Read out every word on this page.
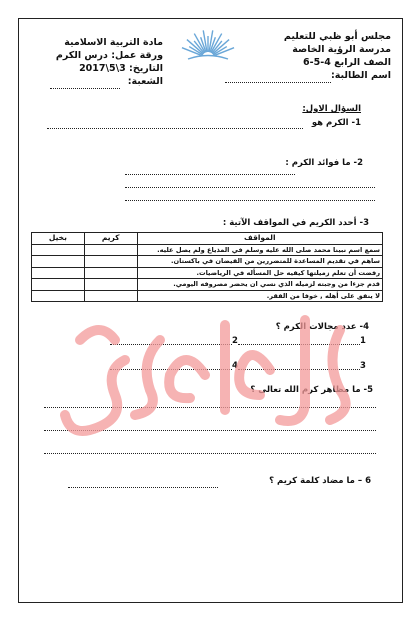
مجلس أبو ظبي للتعليم
مدرسة الرؤية الخاصة
الصف الرابع 4-5-6
اسم الطالبة:
مادة التربية الاسلامية
ورقة عمل: درس الكرم
التاريخ: 3\5\2017
الشعبة:
السؤال الاول:
1- الكرم هو
2- ما فوائد الكرم :
3- أحدد الكريم في المواقف الآتية :
المواقف	كريم	بخيل
سمع اسم نبينا محمد صلى الله عليه وسلم في المذياع ولم يصل عليه.		
ساهم في تقديم المساعدة للمتضررين من الفيضان في باكستان.		
رفضت أن تعلم زميلتها كيفيه حل المسأله في الرياضيات.		
قدم جزءا من وجبته لزميله الذي نسي ان يحضر مصروفه اليومي.		
لا ينفق على أهله , خوفا من الفقر.		
4- عدد مجالات الكرم ؟
1
2
3
4
5- ما مظاهر كرم الله تعالى ؟
6 – ما مضاد كلمة كريم ؟
